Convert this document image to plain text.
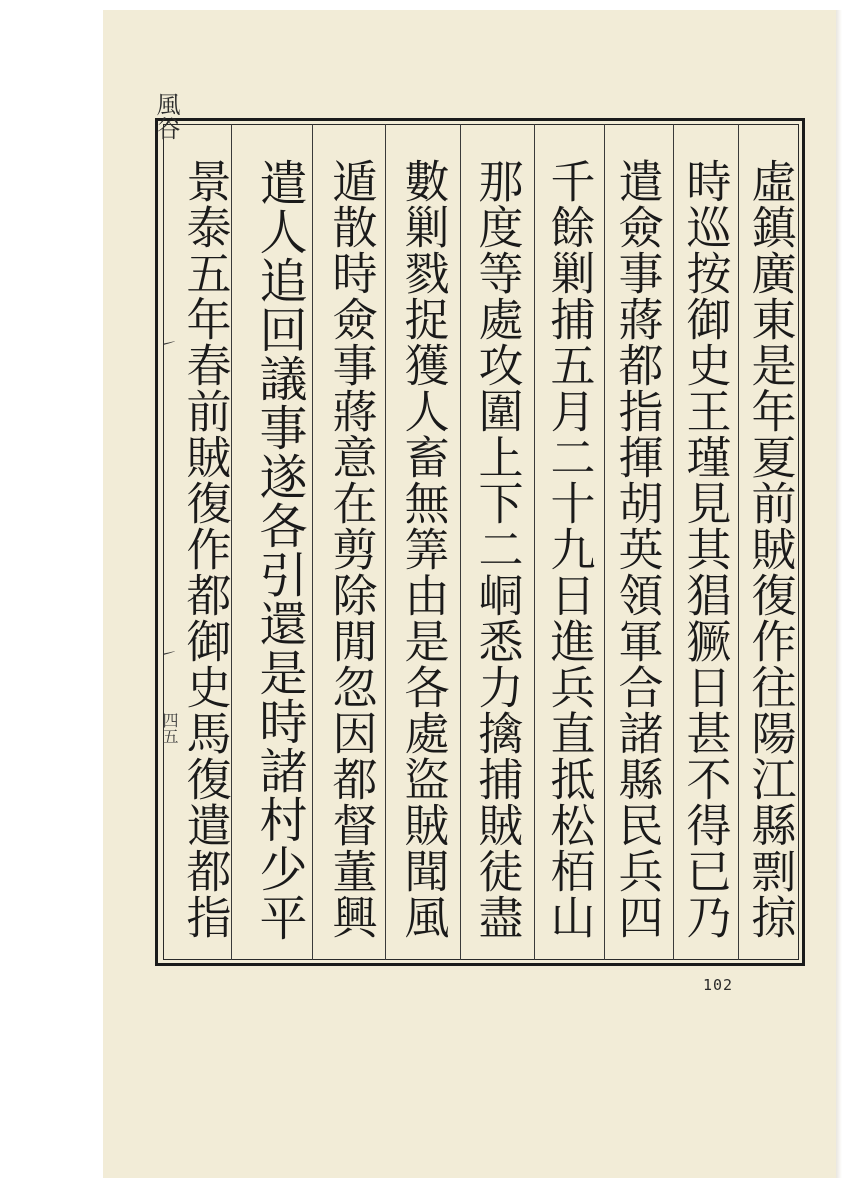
風谷
㇀
㇀
四五	虛鎮廣東是年夏前賊復作往陽江縣剽掠
時巡按御史王瑾見其猖獗日甚不得已乃
遣僉事蔣都指揮胡英領軍合諸縣民兵四
千餘剿捕五月二十九日進兵直抵松栢山
那度等處攻圍上下二峒悉力擒捕賊徒盡
數剿戮捉獲人畜無筭由是各處盜賊聞風
遁散時僉事蔣意在剪除閒忽因都督董興
遣人追回議事遂各引還是時諸村少平
景泰五年春前賊復作都御史馬復遣都指
102
